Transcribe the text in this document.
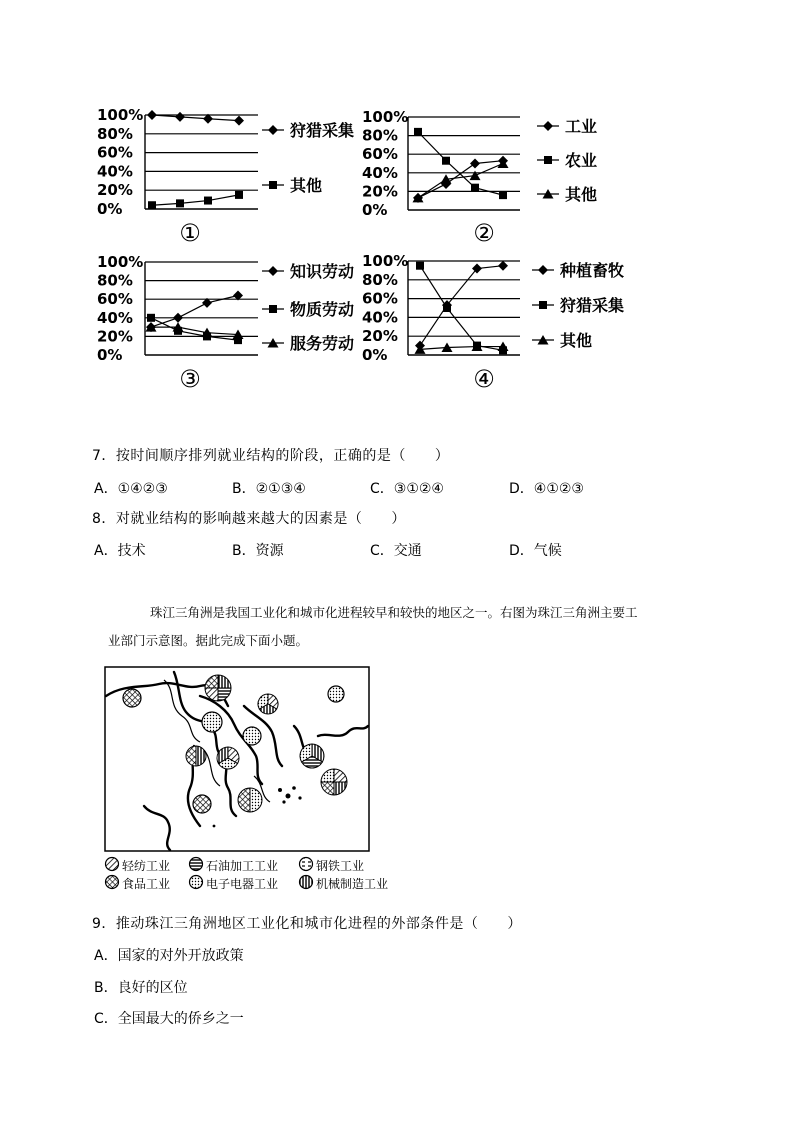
100%
80%
60%
40%
20%
0%
狩猎采集
其他
①
100%
80%
60%
40%
20%
0%
工业
农业
其他
②
100%
80%
60%
40%
20%
0%
知识劳动
物质劳动
服务劳动
③
100%
80%
60%
40%
20%
0%
种植畜牧
狩猎采集
其他
④
7．按时间顺序排列就业结构的阶段，正确的是（　　）
A．①④②③	B．②①③④	C．③①②④	D．④①②③
8．对就业结构的影响越来越大的因素是（　　）
A．技术	B．资源	C．交通	D．气候
珠江三角洲是我国工业化和城市化进程较早和较快的地区之一。右图为珠江三角洲主要工
业部门示意图。据此完成下面小题。
轻纺工业	石油加工工业	钢铁工业
食品工业	电子电器工业	机械制造工业
9．推动珠江三角洲地区工业化和城市化进程的外部条件是（　　）
A．国家的对外开放政策
B．良好的区位
C．全国最大的侨乡之一
